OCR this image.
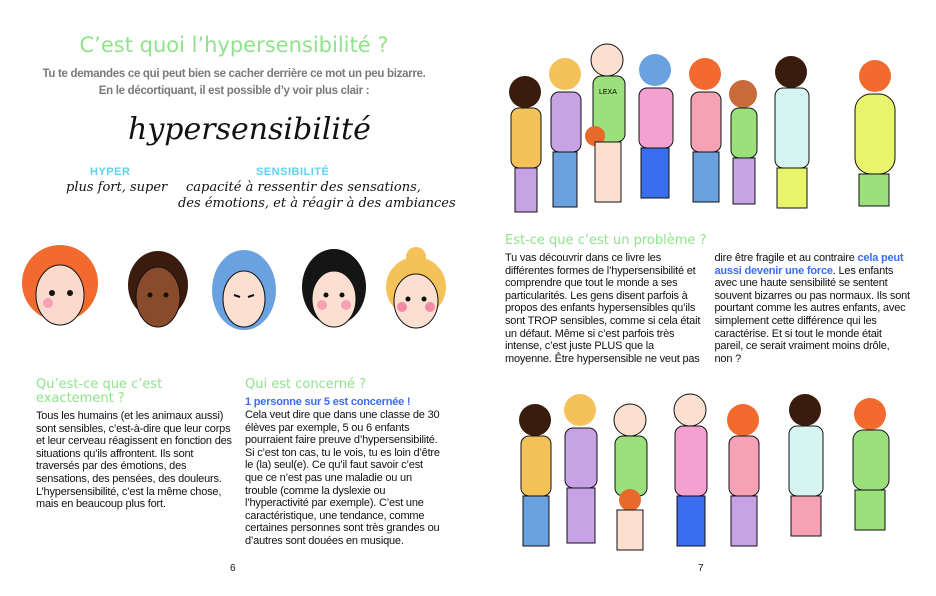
C’est quoi l’hypersensibilité ?
Tu te demandes ce qui peut bien se cacher derrière ce mot un peu bizarre.
En le décortiquant, il est possible d’y voir plus clair :
hypersensibilité
HYPER
plus fort, super
SENSIBILITÉ
capacité à ressentir des sensations,
des émotions, et à réagir à des ambiances
Qu’est-ce que c’est exactement ?
Tous les humains (et les animaux aussi) sont sensibles, c’est-à-dire que leur corps et leur cerveau réagissent en fonction des situations qu’ils affrontent. Ils sont traversés par des émotions, des sensations, des pensées, des douleurs. L’hypersensibilité, c’est la même chose, mais en beaucoup plus fort.
Qui est concerné ?
1 personne sur 5 est concernée !
Cela veut dire que dans une classe de 30 élèves par exemple, 5 ou 6 enfants pourraient faire preuve d’hypersensibilité. Si c’est ton cas, tu le vois, tu es loin d’être le (la) seul(e). Ce qu’il faut savoir c’est que ce n’est pas une maladie ou un trouble (comme la dyslexie ou l’hyperactivité par exemple). C’est une caractéristique, une tendance, comme certaines personnes sont très grandes ou d’autres sont douées en musique.
6
LEXA
Est-ce que c’est un problème ?
Tu vas découvrir dans ce livre les différentes formes de l’hypersensibilité et comprendre que tout le monde a ses particularités. Les gens disent parfois à propos des enfants hypersensibles qu’ils sont TROP sensibles, comme si cela était un défaut. Même si c’est parfois très intense, c’est juste PLUS que la moyenne. Être hypersensible ne veut pas dire être fragile et au contraire cela peut aussi devenir une force. Les enfants avec une haute sensibilité se sentent souvent bizarres ou pas normaux. Ils sont pourtant comme les autres enfants, avec simplement cette différence qui les caractérise. Et si tout le monde était pareil, ce serait vraiment moins drôle, non ?
7
